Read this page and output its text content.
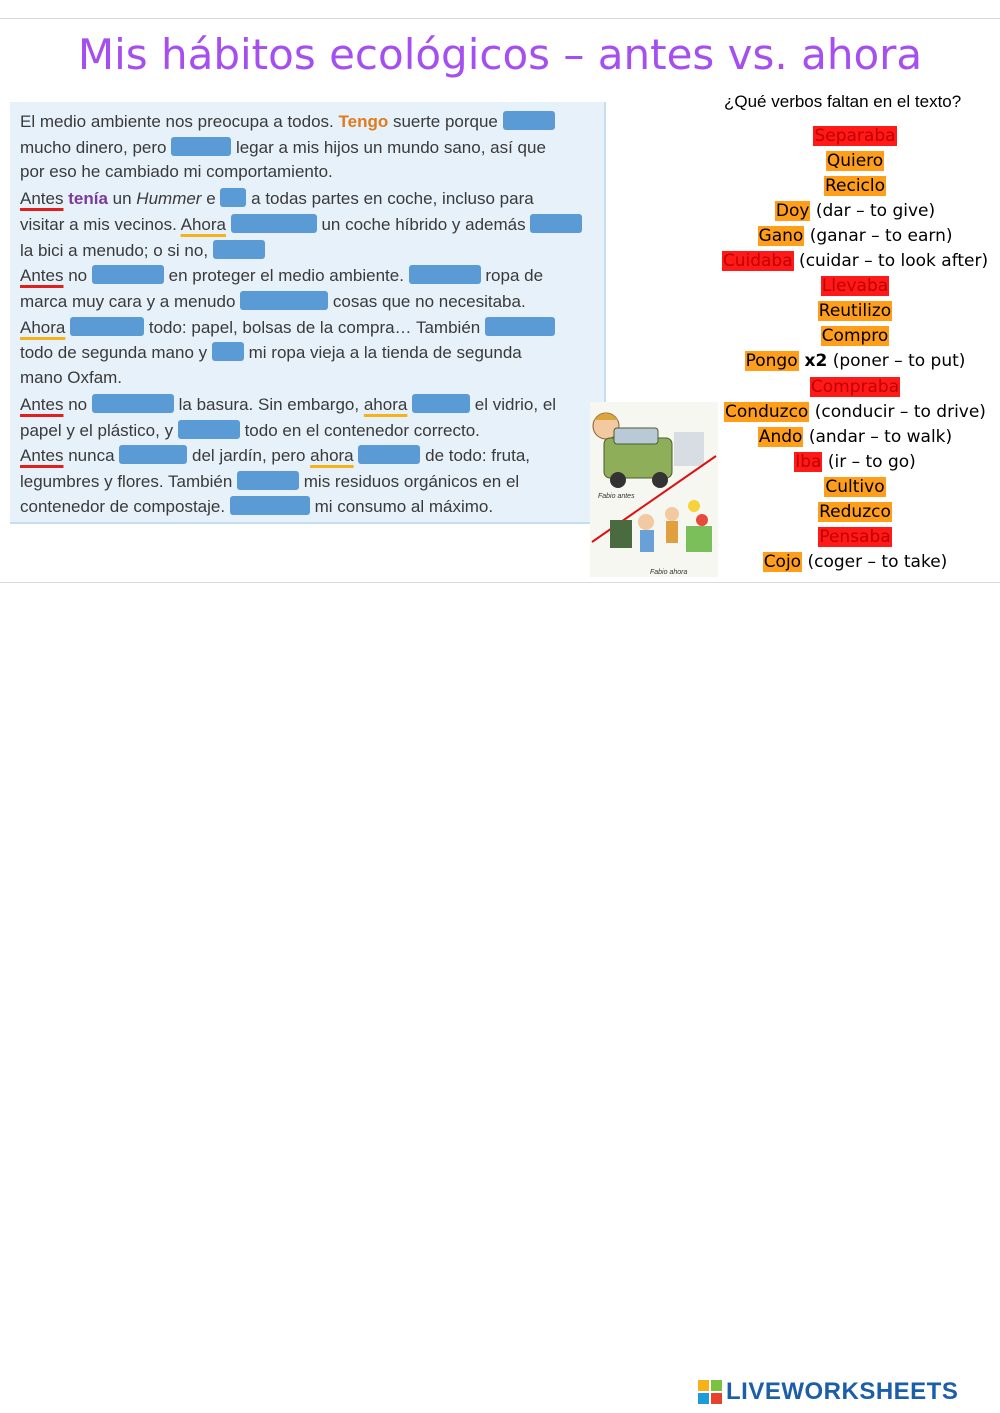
Mis hábitos ecológicos – antes vs. ahora
El medio ambiente nos preocupa a todos. Tengo suerte porque
mucho dinero, pero	legar a mis hijos un mundo sano, así que
por eso he cambiado mi comportamiento.
Antes tenía un Hummer e a todas partes en coche, incluso para
visitar a mis vecinos. Ahora	un coche híbrido y además
la bici a menudo; o si no,
Antes no	en proteger el medio ambiente.	ropa de
marca muy cara y a menudo	cosas que no necesitaba.
Ahora	todo: papel, bolsas de la compra… También
todo de segunda mano y mi ropa vieja a la tienda de segunda
mano Oxfam.
Antes no	la basura. Sin embargo, ahora	el vidrio, el
papel y el plástico, y	todo en el contenedor correcto.
Antes nunca	del jardín, pero ahora	de todo: fruta,
legumbres y flores. También	mis residuos orgánicos en el
contenedor de compostaje.	mi consumo al máximo.
¿Qué verbos faltan en el texto?
Separaba
Quiero
Reciclo
Doy (dar – to give)
Gano (ganar – to earn)
Cuidaba (cuidar – to look after)
Llevaba
Reutilizo
Compro
Pongo x2 (poner – to put)
Compraba
Conduzco (conducir – to drive)
Ando (andar – to walk)
Iba (ir – to go)
Cultivo
Reduzco
Pensaba
Cojo (coger – to take)
Fabio antes
Fabio ahora
LIVEWORKSHEETS
